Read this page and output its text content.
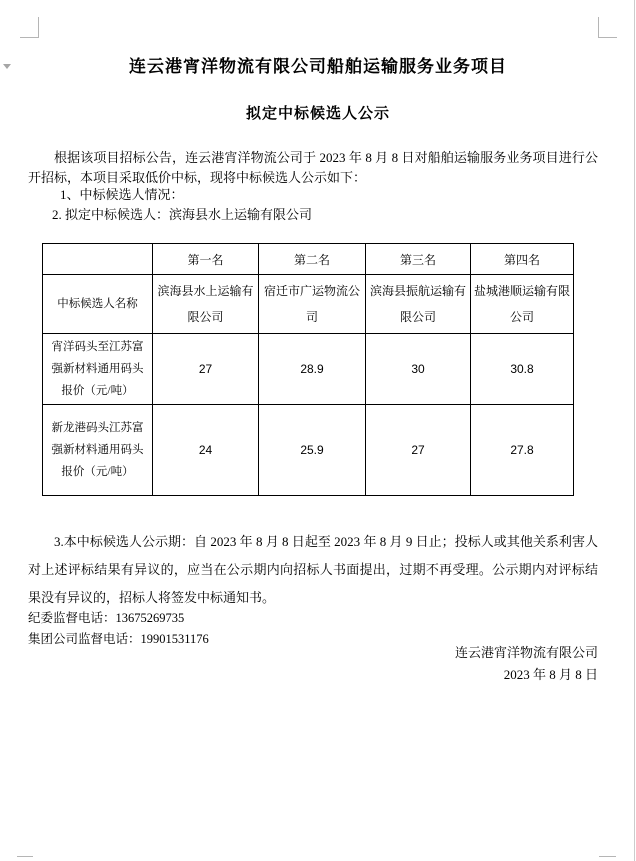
连云港宵洋物流有限公司船舶运输服务业务项目
拟定中标候选人公示
根据该项目招标公告，连云港宵洋物流公司于 2023 年 8 月 8 日对船舶运输服务业务项目进行公开招标，本项目采取低价中标，现将中标候选人公示如下：
1、中标候选人情况：
2. 拟定中标候选人：滨海县水上运输有限公司
	第一名	第二名	第三名	第四名
中标候选人名称	滨海县水上运输有限公司	宿迁市广运物流公司	滨海县振航运输有限公司	盐城港顺运输有限公司
宵洋码头至江苏富强新材料通用码头报价（元/吨）	27	28.9	30	30.8
新龙港码头江苏富强新材料通用码头报价（元/吨）	24	25.9	27	27.8
3.本中标候选人公示期：自 2023 年 8 月 8 日起至 2023 年 8 月 9 日止；投标人或其他关系利害人对上述评标结果有异议的，应当在公示期内向招标人书面提出，过期不再受理。公示期内对评标结果没有异议的，招标人将签发中标通知书。
纪委监督电话：13675269735
集团公司监督电话：19901531176
连云港宵洋物流有限公司
2023 年 8 月 8 日
